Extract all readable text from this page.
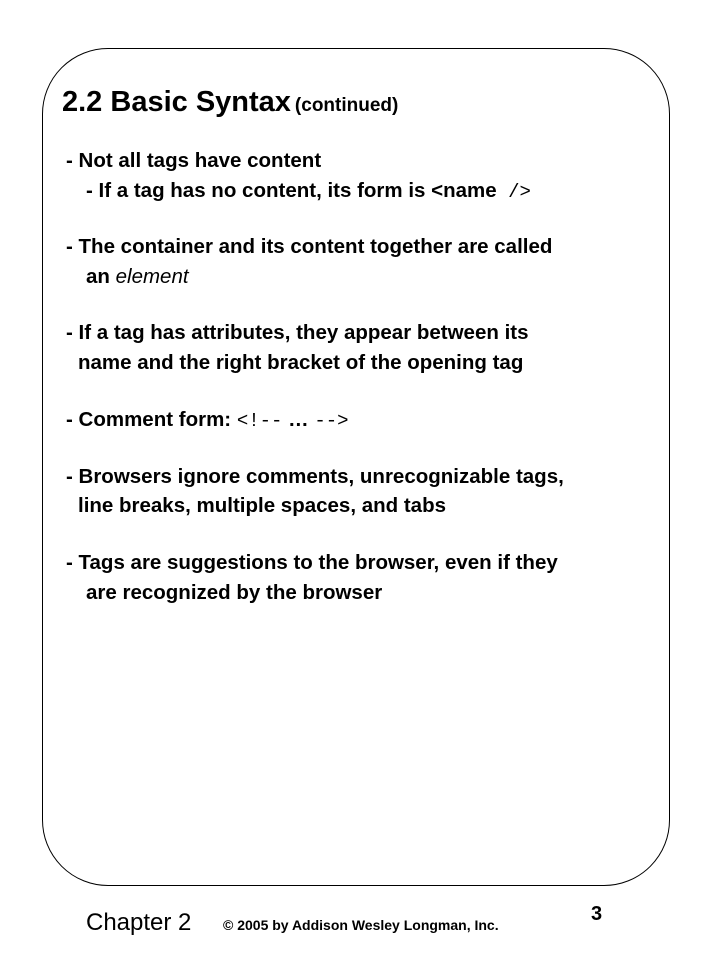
2.2 Basic Syntax (continued)
- Not all tags have content
- If a tag has no content, its form is <name />
- The container and its content together are called
an element
- If a tag has attributes, they appear between its
name and the right bracket of the opening tag
- Comment form: <!-- … -->
- Browsers ignore comments, unrecognizable tags,
line breaks, multiple spaces, and tabs
- Tags are suggestions to the browser, even if they
are recognized by the browser
Chapter 2 © 2005 by Addison Wesley Longman, Inc.	3
